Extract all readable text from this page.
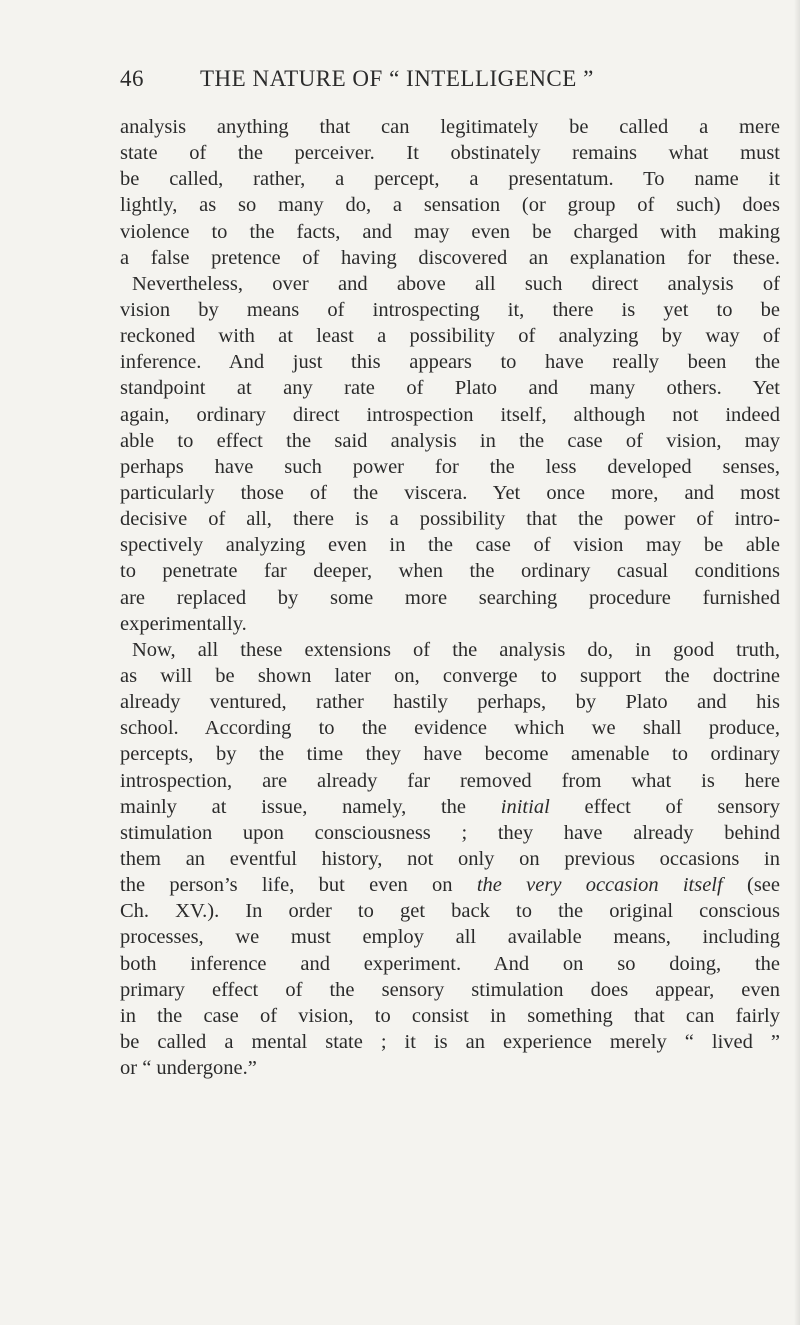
46 THE NATURE OF “ INTELLIGENCE ”
analysis anything that can legitimately be called a mere
state of the perceiver. It obstinately remains what must
be called, rather, a percept, a presentatum. To name it
lightly, as so many do, a sensation (or group of such) does
violence to the facts, and may even be charged with making
a false pretence of having discovered an explanation for these.
Nevertheless, over and above all such direct analysis of
vision by means of introspecting it, there is yet to be
reckoned with at least a possibility of analyzing by way of
inference. And just this appears to have really been the
standpoint at any rate of Plato and many others. Yet
again, ordinary direct introspection itself, although not indeed
able to effect the said analysis in the case of vision, may
perhaps have such power for the less developed senses,
particularly those of the viscera. Yet once more, and most
decisive of all, there is a possibility that the power of intro-
spectively analyzing even in the case of vision may be able
to penetrate far deeper, when the ordinary casual conditions
are replaced by some more searching procedure furnished
experimentally.
Now, all these extensions of the analysis do, in good truth,
as will be shown later on, converge to support the doctrine
already ventured, rather hastily perhaps, by Plato and his
school. According to the evidence which we shall produce,
percepts, by the time they have become amenable to ordinary
introspection, are already far removed from what is here
mainly at issue, namely, the initial effect of sensory
stimulation upon consciousness ; they have already behind
them an eventful history, not only on previous occasions in
the person’s life, but even on the very occasion itself (see
Ch. XV.). In order to get back to the original conscious
processes, we must employ all available means, including
both inference and experiment. And on so doing, the
primary effect of the sensory stimulation does appear, even
in the case of vision, to consist in something that can fairly
be called a mental state ; it is an experience merely “ lived ”
or “ undergone.”
